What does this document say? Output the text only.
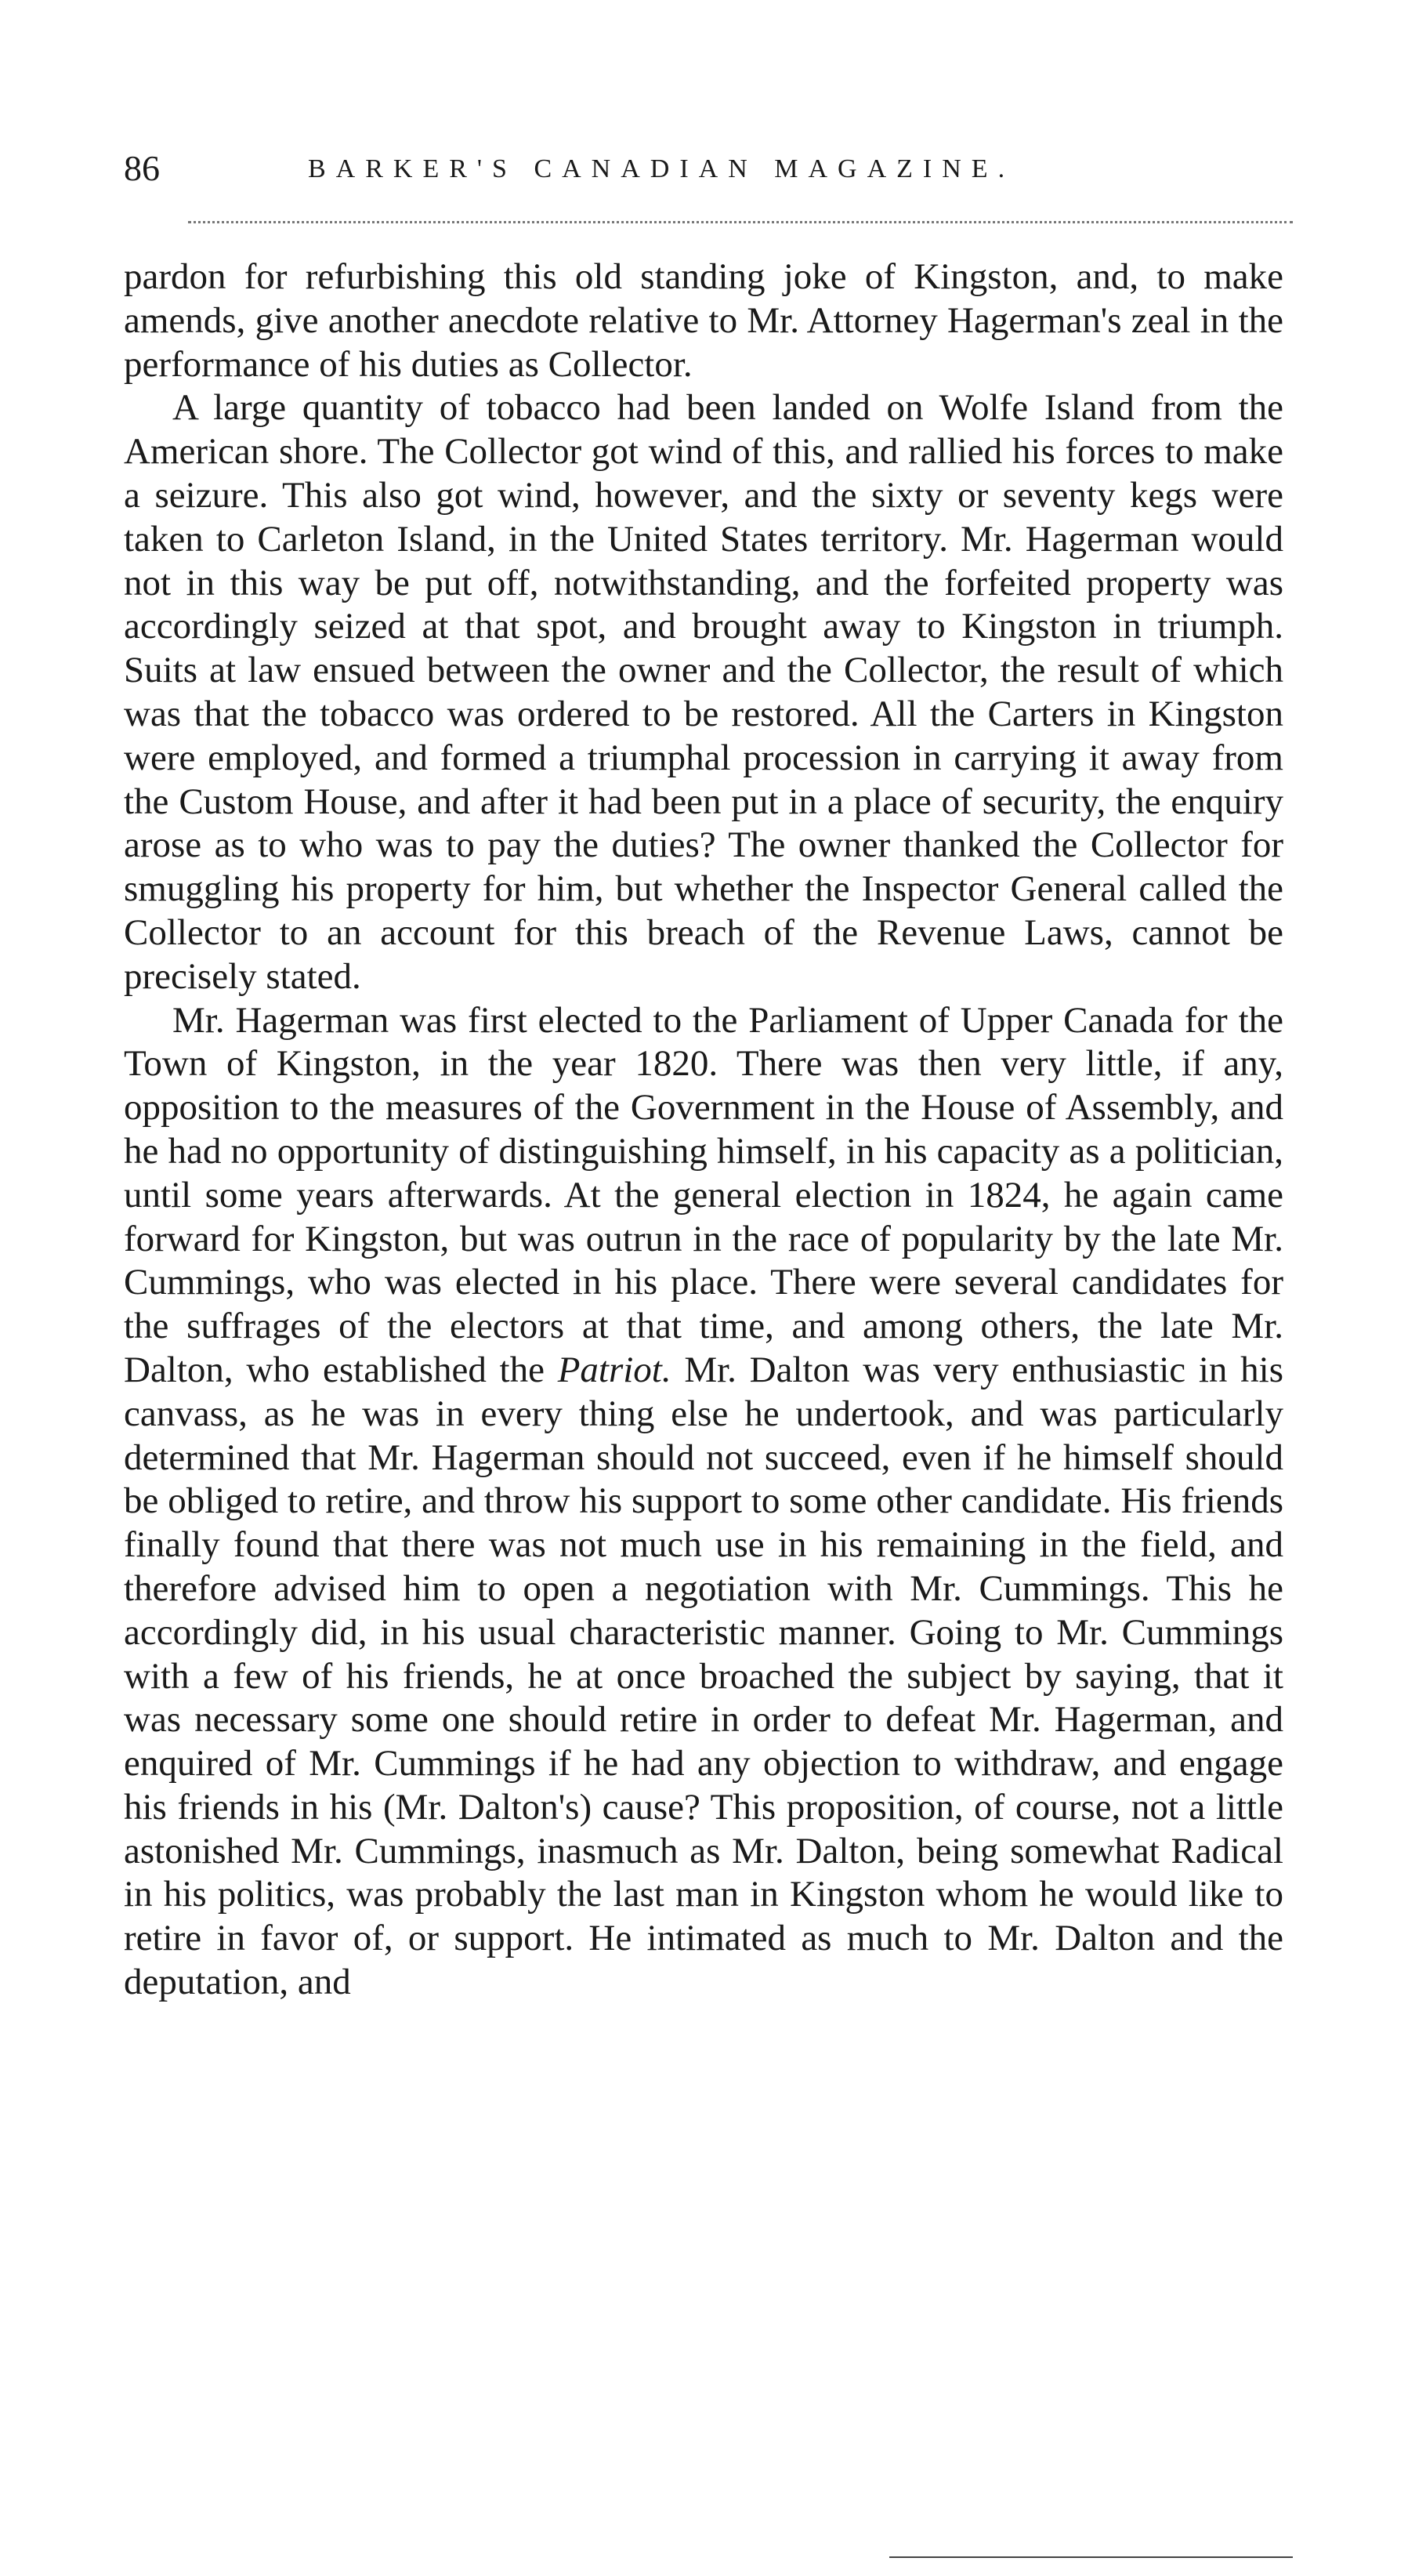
86	BARKER'S CANADIAN MAGAZINE.

pardon for refurbishing this old standing joke of Kingston, and, to make amends, give another anecdote relative to Mr. Attorney Hagerman's zeal in the performance of his duties as Collector.

A large quantity of tobacco had been landed on Wolfe Island from the American shore. The Collector got wind of this, and rallied his forces to make a seizure. This also got wind, however, and the sixty or seventy kegs were taken to Carleton Island, in the United States territory. Mr. Hagerman would not in this way be put off, notwithstanding, and the forfeited property was accordingly seized at that spot, and brought away to Kingston in triumph. Suits at law ensued between the owner and the Collector, the result of which was that the tobacco was ordered to be restored. All the Carters in Kingston were employed, and formed a triumphal procession in carrying it away from the Custom House, and after it had been put in a place of security, the enquiry arose as to who was to pay the duties? The owner thanked the Collector for smuggling his property for him, but whether the Inspector General called the Collector to an account for this breach of the Revenue Laws, cannot be precisely stated.

Mr. Hagerman was first elected to the Parliament of Upper Canada for the Town of Kingston, in the year 1820. There was then very little, if any, opposition to the measures of the Government in the House of Assembly, and he had no opportunity of distinguishing himself, in his capacity as a politician, until some years afterwards. At the general election in 1824, he again came forward for Kingston, but was outrun in the race of popularity by the late Mr. Cummings, who was elected in his place. There were several candidates for the suffrages of the electors at that time, and among others, the late Mr. Dalton, who established the Patriot. Mr. Dalton was very enthusiastic in his canvass, as he was in every thing else he undertook, and was particularly determined that Mr. Hagerman should not succeed, even if he himself should be obliged to retire, and throw his support to some other candidate. His friends finally found that there was not much use in his remaining in the field, and therefore advised him to open a negotiation with Mr. Cummings. This he accordingly did, in his usual characteristic manner. Going to Mr. Cummings with a few of his friends, he at once broached the subject by saying, that it was necessary some one should retire in order to defeat Mr. Hagerman, and enquired of Mr. Cummings if he had any objection to withdraw, and engage his friends in his (Mr. Dalton's) cause? This proposition, of course, not a little astonished Mr. Cummings, inasmuch as Mr. Dalton, being somewhat Radical in his politics, was probably the last man in Kingston whom he would like to retire in favor of, or support. He intimated as much to Mr. Dalton and the deputation, and
